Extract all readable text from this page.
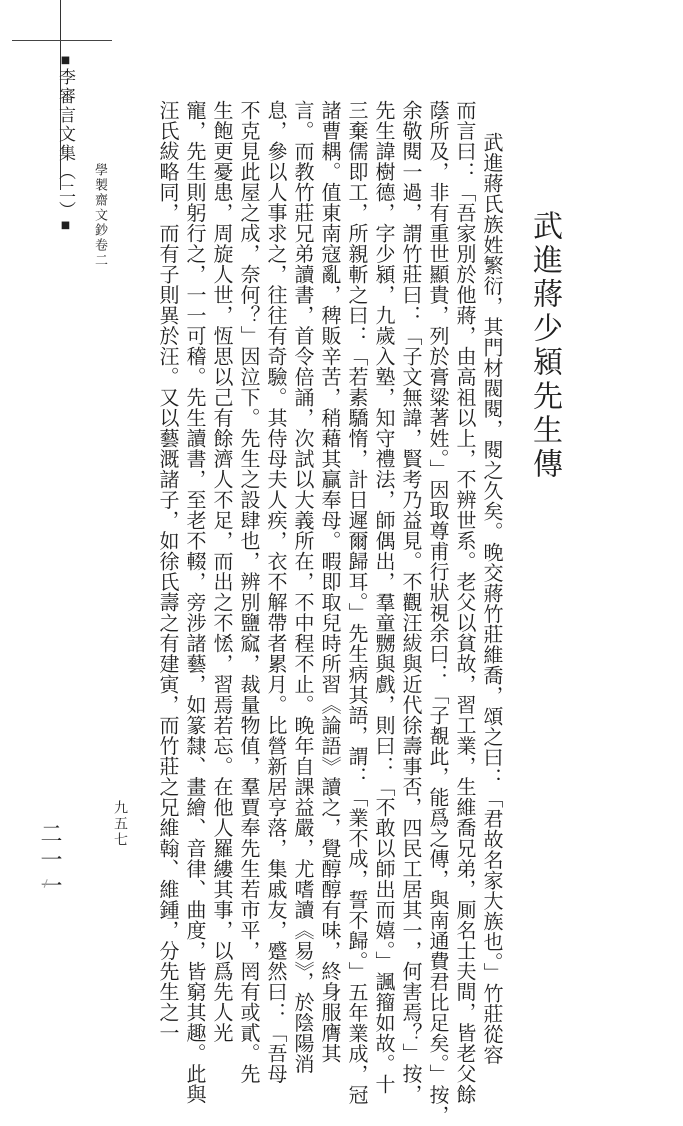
■李審言文集（二）■	學製齋文鈔卷二	武進蔣少潁先生傳
武進蔣氏族姓繁衍，其門材閥閱，閱之久矣。晚交蔣竹莊維喬，頌之曰：「君故名家大族也。」竹莊從容
而言曰：「吾家別於他蔣，由高祖以上，不辨世系。老父以貧故，習工業，生維喬兄弟，厠名士夫間，皆老父餘
蔭所及，非有重世顯貴，列於膏粱著姓。」因取尊甫行狀視余曰：「子覩此，能爲之傳，與南通費君比足矣。」按，
余敬閱一過，謂竹莊曰：「子文無諱，賢考乃益見。不觀汪紱與近代徐壽事否，四民工居其一，何害焉？」按，
先生諱樹德，字少潁，九歲入塾，知守禮法，師偶出，羣童嬲與戲，則曰：「不敢以師出而嬉。」諷籀如故。十
三棄儒即工，所親斬之曰：「若素驕惰，計日遲爾歸耳。」先生病其語，謂：「業不成，誓不歸。」五年業成，冠
諸曹耦。值東南寇亂，稗販辛苦，稍藉其贏奉母。暇即取兒時所習《論語》讀之，覺醇醇有味，終身服膺其
言。而教竹莊兄弟讀書，首令倍誦，次試以大義所在，不中程不止。晚年自課益嚴，尤嗜讀《易》，於陰陽消
息，參以人事求之，往往有奇驗。其侍母夫人疾，衣不解帶者累月。比營新居亨落，集戚友，蹙然曰：「吾母
不克見此屋之成，奈何？」因泣下。先生之設肆也，辨別鹽窳，裁量物值，羣賈奉先生若市平，罔有或貳。先
生飽更憂患，周旋人世，恆思以己有餘濟人不足，而出之不恡，習焉若忘。在他人羅縷其事，以爲先人光
寵，先生則躬行之，一一可稽。先生讀書，至老不輟，旁涉諸藝，如篆隸、畫繪、音律、曲度，皆窮其趣。此與
汪氏紱略同，而有子則異於汪。又以藝溉諸子，如徐氏壽之有建寅，而竹莊之兄維翰、維鍾，分先生之一
九五七
二一一
